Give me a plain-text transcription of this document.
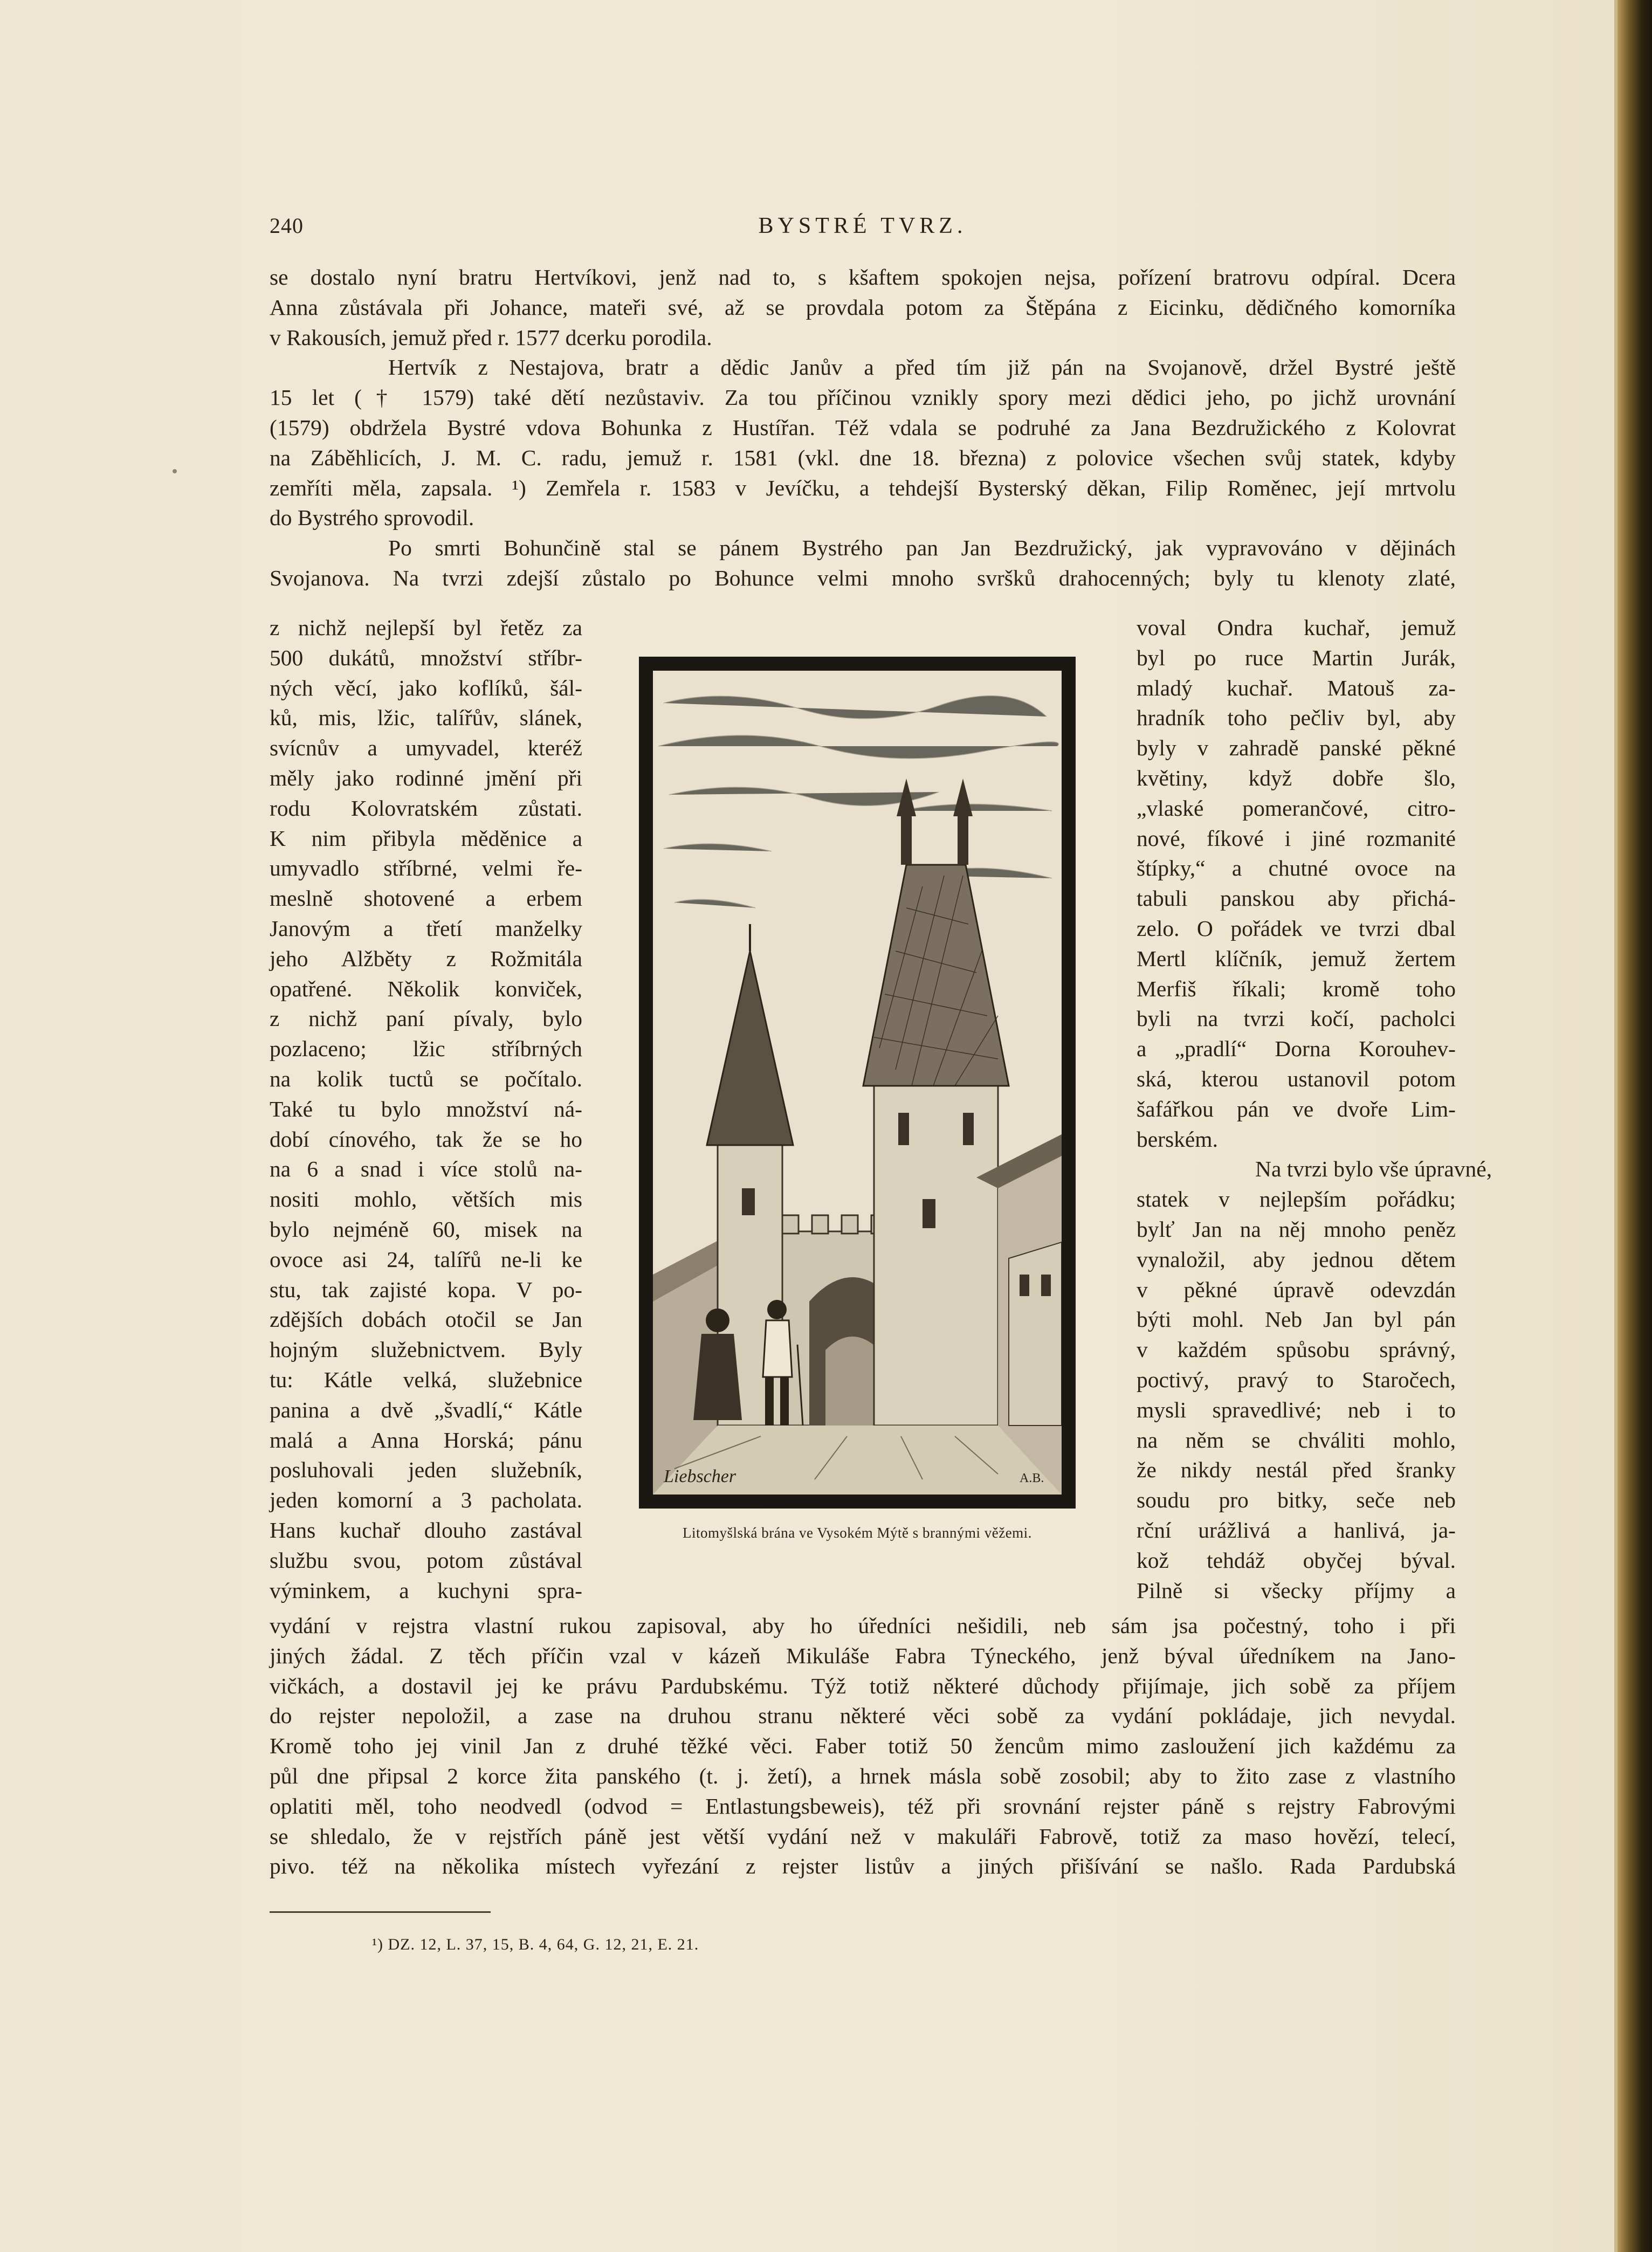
240	BYSTRÉ TVRZ.
se dostalo nyní bratru Hertvíkovi, jenž nad to, s kšaftem spokojen nejsa, pořízení bratrovu odpíral. Dcera
Anna zůstávala při Johance, mateři své, až se provdala potom za Štěpána z Eicinku, dědičného komorníka
v Rakousích, jemuž před r. 1577 dcerku porodila.
Hertvík z Nestajova, bratr a dědic Janův a před tím již pán na Svojanově, držel Bystré ještě
15 let († 1579) také dětí nezůstaviv. Za tou příčinou vznikly spory mezi dědici jeho, po jichž urovnání
(1579) obdržela Bystré vdova Bohunka z Hustířan. Též vdala se podruhé za Jana Bezdružického z Kolovrat
na Záběhlicích, J. M. C. radu, jemuž r. 1581 (vkl. dne 18. března) z polovice všechen svůj statek, kdyby
zemříti měla, zapsala. ¹) Zemřela r. 1583 v Jevíčku, a tehdejší Bysterský děkan, Filip Roměnec, její mrtvolu
do Bystrého sprovodil.
Po smrti Bohunčině stal se pánem Bystrého pan Jan Bezdružický, jak vypravováno v dějinách
Svojanova. Na tvrzi zdejší zůstalo po Bohunce velmi mnoho svršků drahocenných; byly tu klenoty zlaté,
z nichž nejlepší byl řetěz za
500 dukátů, množství stříbr-
ných věcí, jako koflíků, šál-
ků, mis, lžic, talířův, slánek,
svícnův a umyvadel, kteréž
měly jako rodinné jmění při
rodu Kolovratském zůstati.
K nim přibyla měděnice a
umyvadlo stříbrné, velmi ře-
meslně shotovené a erbem
Janovým a třetí manželky
jeho Alžběty z Rožmitála
opatřené. Několik konviček,
z nichž paní pívaly, bylo
pozlaceno; lžic stříbrných
na kolik tuctů se počítalo.
Také tu bylo množství ná-
dobí cínového, tak že se ho
na 6 a snad i více stolů na-
nositi mohlo, větších mis
bylo nejméně 60, misek na
ovoce asi 24, talířů ne-li ke
stu, tak zajisté kopa. V po-
zdějších dobách otočil se Jan
hojným služebnictvem. Byly
tu: Kátle velká, služebnice
panina a dvě „švadlí,“ Kátle
malá a Anna Horská; pánu
posluhovali jeden služebník,
jeden komorní a 3 pacholata.
Hans kuchař dlouho zastával
službu svou, potom zůstával
výminkem, a kuchyni spra-
voval Ondra kuchař, jemuž
byl po ruce Martin Jurák,
mladý kuchař. Matouš za-
hradník toho pečliv byl, aby
byly v zahradě panské pěkné
květiny, když dobře šlo,
„vlaské pomerančové, citro-
nové, fíkové i jiné rozmanité
štípky,“ a chutné ovoce na
tabuli panskou aby přichá-
zelo. O pořádek ve tvrzi dbal
Mertl klíčník, jemuž žertem
Merfiš říkali; kromě toho
byli na tvrzi kočí, pacholci
a „pradlí“ Dorna Korouhev-
ská, kterou ustanovil potom
šafářkou pán ve dvoře Lim-
berském.
Na tvrzi bylo vše úpravné,
statek v nejlepším pořádku;
bylť Jan na něj mnoho peněz
vynaložil, aby jednou dětem
v pěkné úpravě odevzdán
býti mohl. Neb Jan byl pán
v každém spůsobu správný,
poctivý, pravý to Staročech,
mysli spravedlivé; neb i to
na něm se chváliti mohlo,
že nikdy nestál před šranky
soudu pro bitky, seče neb
rční urážlivá a hanlivá, ja-
kož tehdáž obyčej býval.
Pilně si všecky příjmy a
Liebscher	A.B.
Litomyšlská brána ve Vysokém Mýtě s brannými věžemi.
vydání v rejstra vlastní rukou zapisoval, aby ho úředníci nešidili, neb sám jsa počestný, toho i při
jiných žádal. Z těch příčin vzal v kázeň Mikuláše Fabra Týneckého, jenž býval úředníkem na Jano-
vičkách, a dostavil jej ke právu Pardubskému. Týž totiž některé důchody přijímaje, jich sobě za příjem
do rejster nepoložil, a zase na druhou stranu některé věci sobě za vydání pokládaje, jich nevydal.
Kromě toho jej vinil Jan z druhé těžké věci. Faber totiž 50 žencům mimo zasloužení jich každému za
půl dne připsal 2 korce žita panského (t. j. žetí), a hrnek másla sobě zosobil; aby to žito zase z vlastního
oplatiti měl, toho neodvedl (odvod = Entlastungsbeweis), též při srovnání rejster páně s rejstry Fabrovými
se shledalo, že v rejstřích páně jest větší vydání než v makuláři Fabrově, totiž za maso hovězí, telecí,
pivo. též na několika místech vyřezání z rejster listův a jiných přišívání se našlo. Rada Pardubská
¹) DZ. 12, L. 37, 15, B. 4, 64, G. 12, 21, E. 21.
